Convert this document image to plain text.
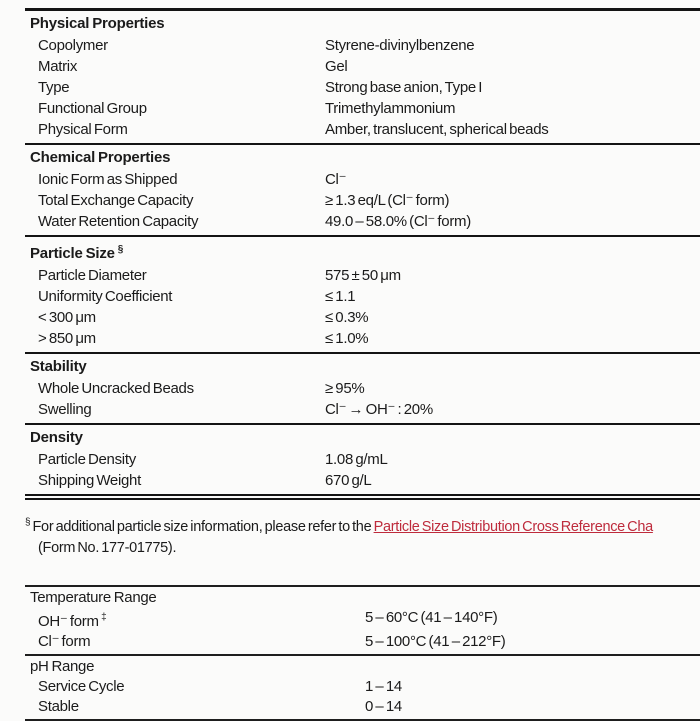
Physical Properties
Copolymer	Styrene-divinylbenzene
Matrix	Gel
Type	Strong base anion, Type I
Functional Group	Trimethylammonium
Physical Form	Amber, translucent, spherical beads
Chemical Properties
Ionic Form as Shipped	Cl⁻
Total Exchange Capacity	≥ 1.3 eq/L (Cl⁻ form)
Water Retention Capacity	49.0 – 58.0% (Cl⁻ form)
Particle Size §
Particle Diameter	575 ± 50 μm
Uniformity Coefficient	≤ 1.1
< 300 μm	≤ 0.3%
> 850 μm	≤ 1.0%
Stability
Whole Uncracked Beads	≥ 95%
Swelling	Cl⁻ → OH⁻ : 20%
Density
Particle Density	1.08 g/mL
Shipping Weight	670 g/L
§ For additional particle size information, please refer to the Particle Size Distribution Cross Reference Cha
(Form No. 177-01775).
Temperature Range
OH⁻ form ‡	5 – 60°C (41 – 140°F)
Cl⁻ form	5 – 100°C (41 – 212°F)
pH Range
Service Cycle	1 – 14
Stable	0 – 14
